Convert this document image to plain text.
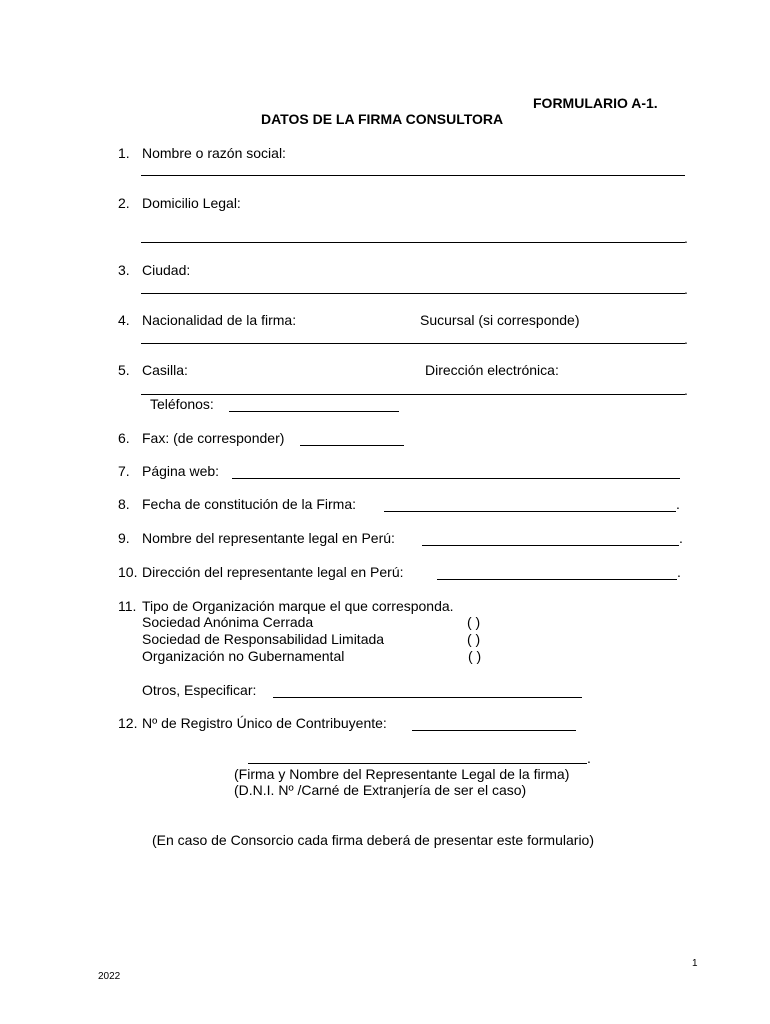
FORMULARIO A-1.
DATOS DE LA FIRMA CONSULTORA
1. Nombre o razón social:
2. Domicilio Legal:
.
3. Ciudad:
.
4. Nacionalidad de la firma:	Sucursal (si corresponde)
.
5. Casilla:	Dirección electrónica:
.
Teléfonos:
6. Fax: (de corresponder)
7. Página web:
8. Fecha de constitución de la Firma:	.
9. Nombre del representante legal en Perú:	.
10. Dirección del representante legal en Perú:	.
11. Tipo de Organización marque el que corresponda.
Sociedad Anónima Cerrada	( )
Sociedad de Responsabilidad Limitada	( )
Organización no Gubernamental	( )
Otros, Especificar:
12. Nº de Registro Único de Contribuyente:
.
(Firma y Nombre del Representante Legal de la firma)
(D.N.I. Nº /Carné de Extranjería de ser el caso)
(En caso de Consorcio cada firma deberá de presentar este formulario)
1
2022
